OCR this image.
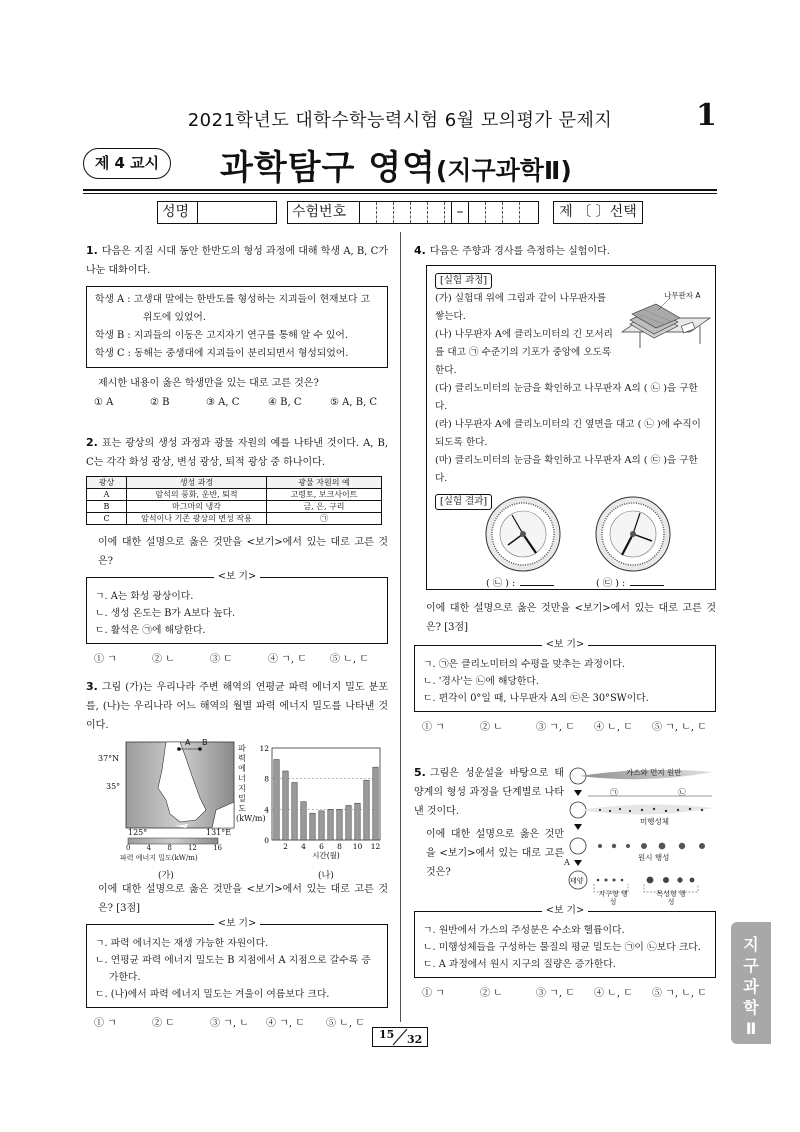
2021학년도 대학수학능력시험 6월 모의평가 문제지	1
제 4 교시	과학탐구 영역(지구과학Ⅱ)
성명	수험번호	–	제 〔 〕선택
1. 다음은 지질 시대 동안 한반도의 형성 과정에 대해 학생 A, B, C가 나눈 대화이다.
학생 A : 고생대 말에는 한반도를 형성하는 지괴들이 현재보다 고위도에 있었어.
학생 B : 지괴들의 이동은 고지자기 연구를 통해 알 수 있어.
학생 C : 동해는 중생대에 지괴들이 분리되면서 형성되었어.
제시한 내용이 옳은 학생만을 있는 대로 고른 것은?
① A	② B	③ A, C	④ B, C	⑤ A, B, C
2. 표는 광상의 생성 과정과 광물 자원의 예를 나타낸 것이다. A, B, C는 각각 화성 광상, 변성 광상, 퇴적 광상 중 하나이다.
광상	생성 과정	광물 자원의 예
A	암석의 풍화, 운반, 퇴적	고령토, 보크사이트
B	마그마의 냉각	금, 은, 구리
C	암석이나 기존 광상의 변성 작용	㉠
이에 대한 설명으로 옳은 것만을 <보기>에서 있는 대로 고른 것은?
<보 기>
ㄱ. A는 화성 광상이다.
ㄴ. 생성 온도는 B가 A보다 높다.
ㄷ. 활석은 ㉠에 해당한다.
① ㄱ	② ㄴ	③ ㄷ	④ ㄱ, ㄷ	⑤ ㄴ, ㄷ
3. 그림 (가)는 우리나라 주변 해역의 연평균 파력 에너지 밀도 분포를, (나)는 우리나라 어느 해역의 월별 파력 에너지 밀도를 나타낸 것이다.
A B
37°N
35°
125°	131°E
0 4 8 12 16
파력 에너지 밀도(kW/m)
(가)
파력 에너지 밀도 (kW/m)
0
4
8
12
2 4 6 8 10 12
시간(월)
(나)
이에 대한 설명으로 옳은 것만을 <보기>에서 있는 대로 고른 것은? [3점]
<보 기>
ㄱ. 파력 에너지는 재생 가능한 자원이다.
ㄴ. 연평균 파력 에너지 밀도는 B 지점에서 A 지점으로 갈수록 증가한다.
ㄷ. (나)에서 파력 에너지 밀도는 겨울이 여름보다 크다.
① ㄱ	② ㄷ	③ ㄱ, ㄴ	④ ㄱ, ㄷ	⑤ ㄴ, ㄷ
4. 다음은 주향과 경사를 측정하는 실험이다.
[실험 과정]
(가) 실험대 위에 그림과 같이 나무판자를 쌓는다.
(나) 나무판자 A에 클리노미터의 긴 모서리를 대고 ㉠ 수준기의 기포가 중앙에 오도록 한다.
(다) 클리노미터의 눈금을 확인하고 나무판자 A의 ( ㉡ )을 구한다.
(라) 나무판자 A에 클리노미터의 긴 옆면을 대고 ( ㉡ )에 수직이 되도록 한다.
(마) 클리노미터의 눈금을 확인하고 나무판자 A의 ( ㉢ )을 구한다.
[실험 결과]
나무판자 A
( ㉡ ) :	( ㉢ ) :
이에 대한 설명으로 옳은 것만을 <보기>에서 있는 대로 고른 것은? [3점]
<보 기>
ㄱ. ㉠은 클리노미터의 수평을 맞추는 과정이다.
ㄴ. '경사'는 ㉡에 해당한다.
ㄷ. 편각이 0°일 때, 나무판자 A의 ㉢은 30°SW이다.
① ㄱ	② ㄴ	③ ㄱ, ㄷ	④ ㄴ, ㄷ	⑤ ㄱ, ㄴ, ㄷ
5. 그림은 성운설을 바탕으로 태양계의 형성 과정을 단계별로 나타낸 것이다.
이에 대한 설명으로 옳은 것만을 <보기>에서 있는 대로 고른 것은?
가스와 먼지 원반
㉠	㉡
미행성체
원시 행성
A
태양
지구형 행성
목성형 행성
<보 기>
ㄱ. 원반에서 가스의 주성분은 수소와 헬륨이다.
ㄴ. 미행성체들을 구성하는 물질의 평균 밀도는 ㉠이 ㉡보다 크다.
ㄷ. A 과정에서 원시 지구의 질량은 증가한다.
① ㄱ	② ㄴ	③ ㄱ, ㄷ	④ ㄴ, ㄷ	⑤ ㄱ, ㄴ, ㄷ
지
구
과
학
Ⅱ
15 32
